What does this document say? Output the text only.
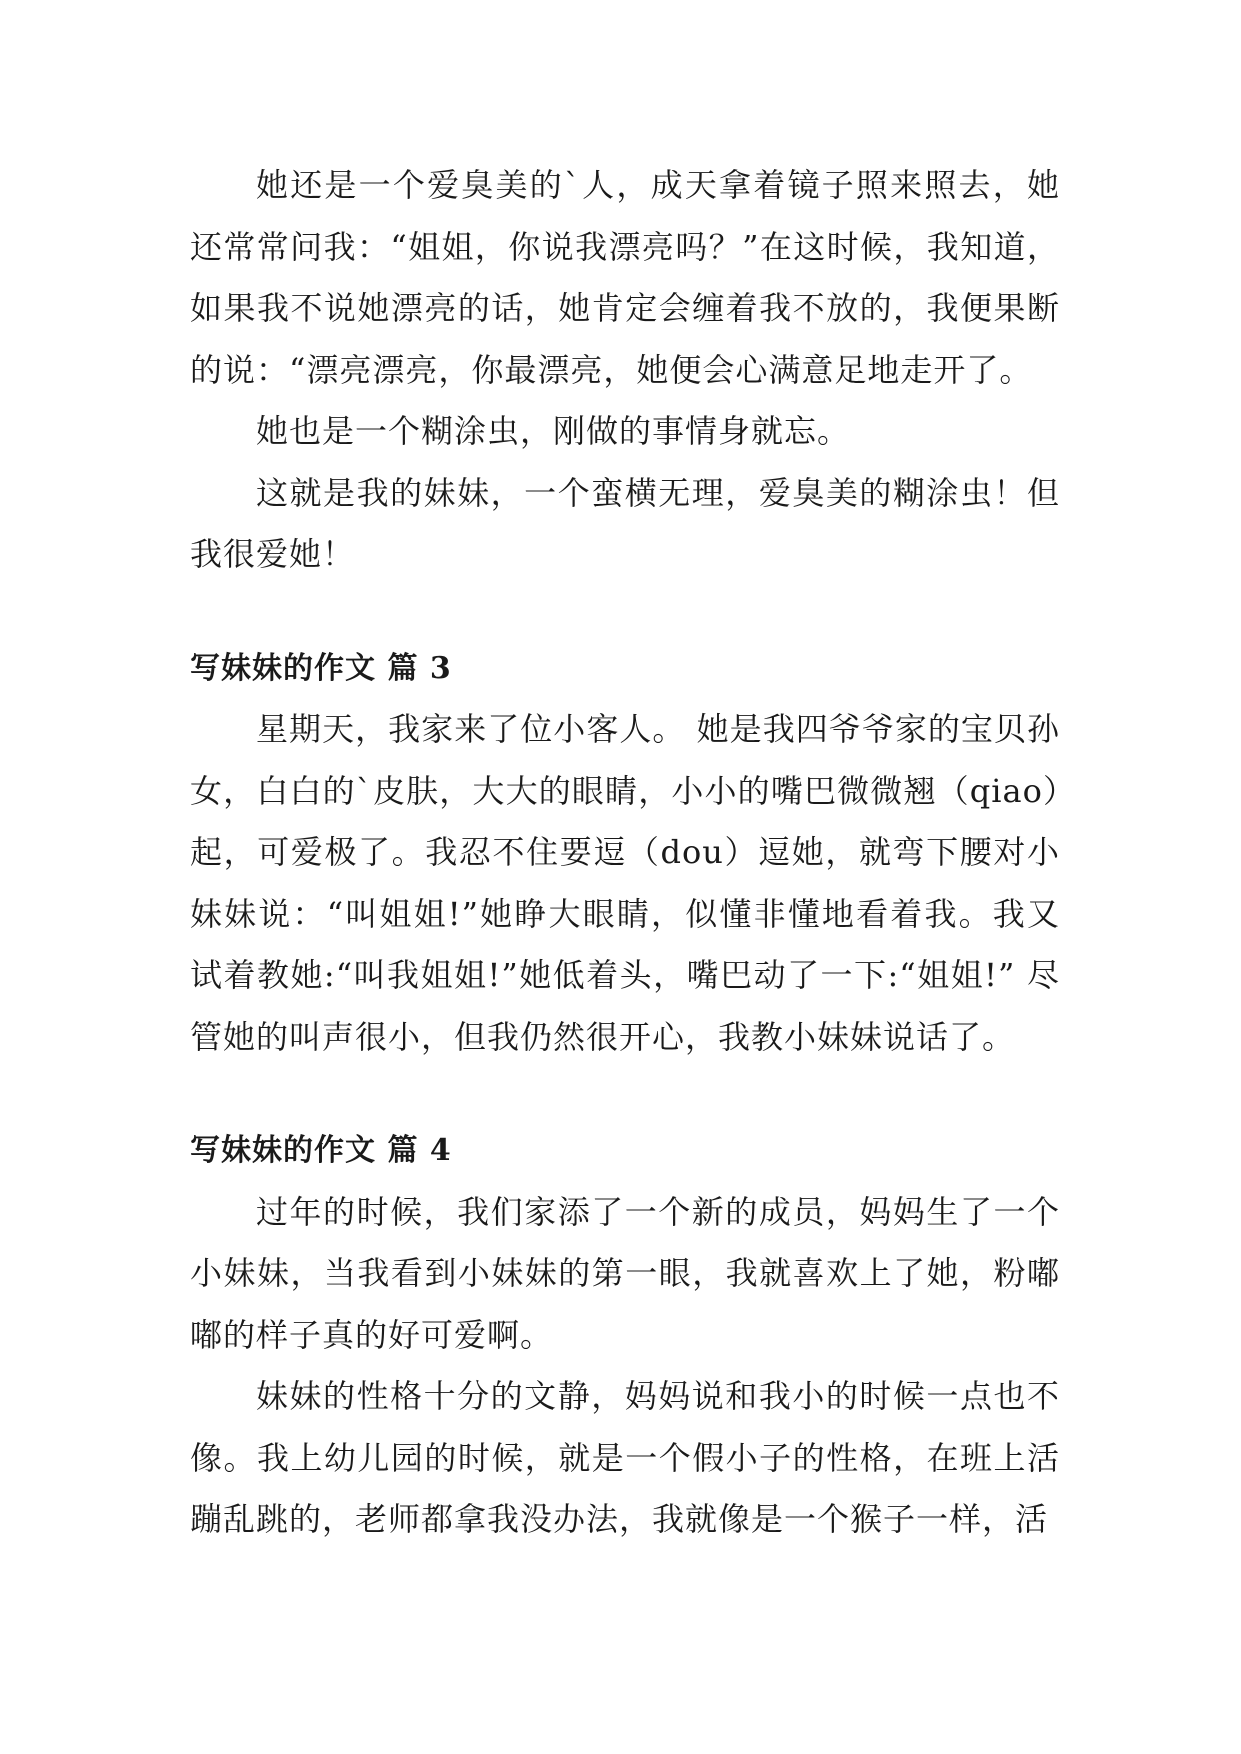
她还是一个爱臭美的`人，成天拿着镜子照来照去，她还常常问我：“姐姐，你说我漂亮吗？”在这时候，我知道，如果我不说她漂亮的话，她肯定会缠着我不放的，我便果断的说：“漂亮漂亮，你最漂亮，她便会心满意足地走开了。

她也是一个糊涂虫，刚做的事情身就忘。

这就是我的妹妹，一个蛮横无理，爱臭美的糊涂虫！但我很爱她！

写妹妹的作文 篇 3

星期天，我家来了位小客人。 她是我四爷爷家的宝贝孙女，白白的`皮肤，大大的眼睛，小小的嘴巴微微翘（qiao）起，可爱极了。我忍不住要逗（dou）逗她，就弯下腰对小妹妹说：“叫姐姐!”她睁大眼睛，似懂非懂地看着我。我又试着教她:“叫我姐姐!”她低着头，嘴巴动了一下:“姐姐!” 尽管她的叫声很小，但我仍然很开心，我教小妹妹说话了。

写妹妹的作文 篇 4

过年的时候，我们家添了一个新的成员，妈妈生了一个小妹妹，当我看到小妹妹的第一眼，我就喜欢上了她，粉嘟嘟的样子真的好可爱啊。

妹妹的性格十分的文静，妈妈说和我小的时候一点也不像。我上幼儿园的时候，就是一个假小子的性格，在班上活蹦乱跳的，老师都拿我没办法，我就像是一个猴子一样，活
